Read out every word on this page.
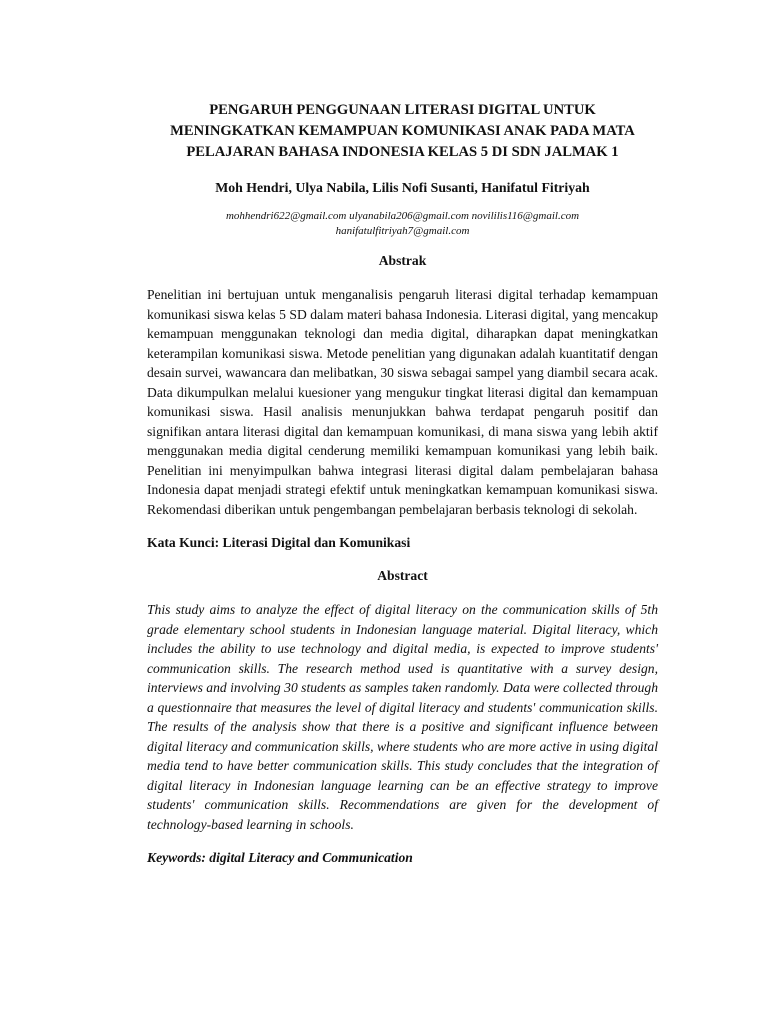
PENGARUH PENGGUNAAN LITERASI DIGITAL UNTUK MENINGKATKAN KEMAMPUAN KOMUNIKASI ANAK PADA MATA PELAJARAN BAHASA INDONESIA KELAS 5 DI SDN JALMAK 1
Moh Hendri, Ulya Nabila, Lilis Nofi Susanti, Hanifatul Fitriyah
mohhendri622@gmail.com ulyanabila206@gmail.com novililis116@gmail.com
hanifatulfitriyah7@gmail.com
Abstrak

Penelitian ini bertujuan untuk menganalisis pengaruh literasi digital terhadap kemampuan komunikasi siswa kelas 5 SD dalam materi bahasa Indonesia. Literasi digital, yang mencakup kemampuan menggunakan teknologi dan media digital, diharapkan dapat meningkatkan keterampilan komunikasi siswa. Metode penelitian yang digunakan adalah kuantitatif dengan desain survei, wawancara dan melibatkan, 30 siswa sebagai sampel yang diambil secara acak. Data dikumpulkan melalui kuesioner yang mengukur tingkat literasi digital dan kemampuan komunikasi siswa. Hasil analisis menunjukkan bahwa terdapat pengaruh positif dan signifikan antara literasi digital dan kemampuan komunikasi, di mana siswa yang lebih aktif menggunakan media digital cenderung memiliki kemampuan komunikasi yang lebih baik. Penelitian ini menyimpulkan bahwa integrasi literasi digital dalam pembelajaran bahasa Indonesia dapat menjadi strategi efektif untuk meningkatkan kemampuan komunikasi siswa. Rekomendasi diberikan untuk pengembangan pembelajaran berbasis teknologi di sekolah.

Kata Kunci: Literasi Digital dan Komunikasi
Abstract

This study aims to analyze the effect of digital literacy on the communication skills of 5th grade elementary school students in Indonesian language material. Digital literacy, which includes the ability to use technology and digital media, is expected to improve students' communication skills. The research method used is quantitative with a survey design, interviews and involving 30 students as samples taken randomly. Data were collected through a questionnaire that measures the level of digital literacy and students' communication skills. The results of the analysis show that there is a positive and significant influence between digital literacy and communication skills, where students who are more active in using digital media tend to have better communication skills. This study concludes that the integration of digital literacy in Indonesian language learning can be an effective strategy to improve students' communication skills. Recommendations are given for the development of technology-based learning in schools.

Keywords: digital Literacy and Communication
